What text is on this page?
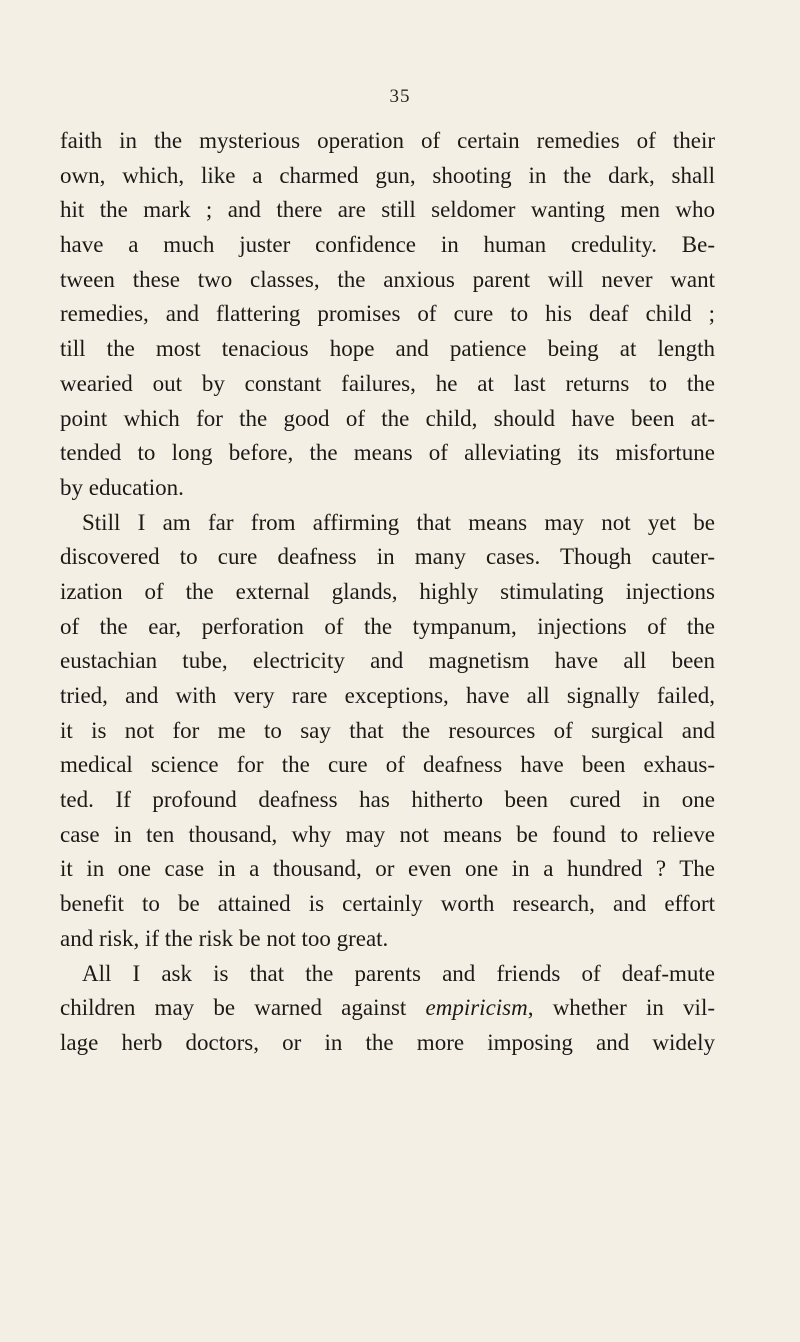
35
faith in the mysterious operation of certain remedies of their
own, which, like a charmed gun, shooting in the dark, shall
hit the mark ; and there are still seldomer wanting men who
have a much juster confidence in human credulity. Be-
tween these two classes, the anxious parent will never want
remedies, and flattering promises of cure to his deaf child ;
till the most tenacious hope and patience being at length
wearied out by constant failures, he at last returns to the
point which for the good of the child, should have been at-
tended to long before, the means of alleviating its misfortune
by education.
Still I am far from affirming that means may not yet be
discovered to cure deafness in many cases. Though cauter-
ization of the external glands, highly stimulating injections
of the ear, perforation of the tympanum, injections of the
eustachian tube, electricity and magnetism have all been
tried, and with very rare exceptions, have all signally failed,
it is not for me to say that the resources of surgical and
medical science for the cure of deafness have been exhaus-
ted. If profound deafness has hitherto been cured in one
case in ten thousand, why may not means be found to relieve
it in one case in a thousand, or even one in a hundred ? The
benefit to be attained is certainly worth research, and effort
and risk, if the risk be not too great.
All I ask is that the parents and friends of deaf-mute
children may be warned against empiricism, whether in vil-
lage herb doctors, or in the more imposing and widely
